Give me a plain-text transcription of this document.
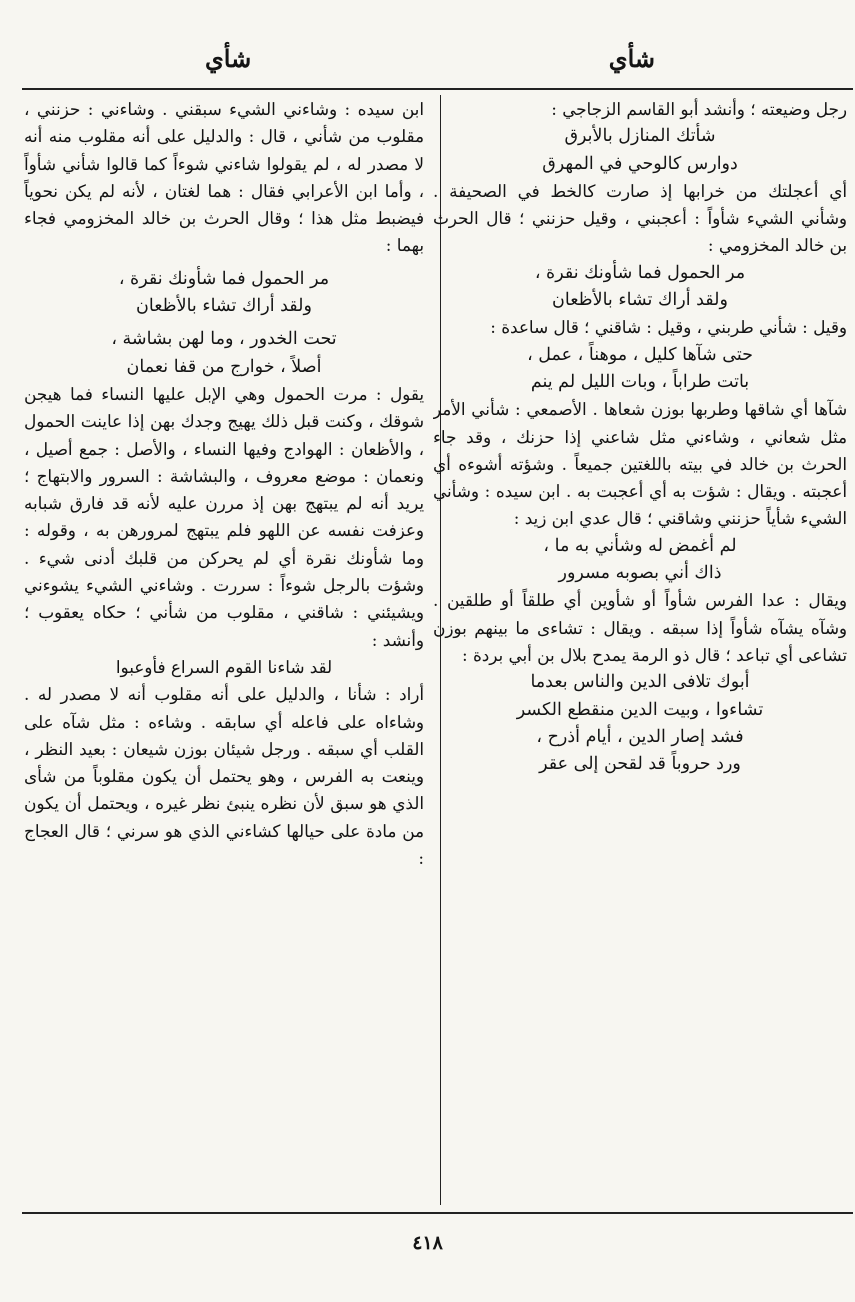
شأي
شأي

رجل وضيعته ؛ وأنشد أبو القاسم الزجاجي :

شأتك المنازل بالأبرق

دوارس كالوحي في المهرق

أي أعجلتك من خرابها إذ صارت كالخط في الصحيفة . وشأني الشيء شأواً : أعجبني ، وقيل حزنني ؛ قال الحرث بن خالد المخزومي :

مر الحمول فما شأونك نقرة ،

ولقد أراك تشاء بالأظعان

وقيل : شأني طربني ، وقيل : شاقني ؛ قال ساعدة :

حتى شآها كليل ، موهناً ، عمل ،

باتت طراباً ، وبات الليل لم ينم

شآها أي شاقها وطربها بوزن شعاها . الأصمعي : شأني الأمر مثل شعاني ، وشاءني مثل شاعني إذا حزنك ، وقد جاء الحرث بن خالد في بيته باللغتين جميعاً . وشؤته أشوءه أي أعجبته . ويقال : شؤت به أي أعجبت به . ابن سيده : وشأني الشيء شأياً حزنني وشاقني ؛ قال عدي ابن زيد :

لم أغمض له وشأني به ما ،

ذاك أني بصوبه مسرور

ويقال : عدا الفرس شأواً أو شأوين أي طلقاً أو طلقين . وشآه يشآه شأواً إذا سبقه . ويقال : تشاءى ما بينهم بوزن تشاعى أي تباعد ؛ قال ذو الرمة يمدح بلال بن أبي بردة :

أبوك تلافى الدين والناس بعدما

تشاءوا ، وبيت الدين منقطع الكسر

فشد إصار الدين ، أيام أذرح ،

ورد حروباً قد لقحن إلى عقر

ابن سيده : وشاءني الشيء سبقني . وشاءني : حزنني ، مقلوب من شأني ، قال : والدليل على أنه مقلوب منه أنه لا مصدر له ، لم يقولوا شاءني شوءاً كما قالوا شأني شأواً ، وأما ابن الأعرابي فقال : هما لغتان ، لأنه لم يكن نحوياً فيضبط مثل هذا ؛ وقال الحرث بن خالد المخزومي فجاء بهما :

مر الحمول فما شأونك نقرة ،

ولقد أراك تشاء بالأظعان

تحت الخدور ، وما لهن بشاشة ،

أصلاً ، خوارج من قفا نعمان

يقول : مرت الحمول وهي الإبل عليها النساء فما هيجن شوقك ، وكنت قبل ذلك يهيج وجدك بهن إذا عاينت الحمول ، والأظعان : الهوادج وفيها النساء ، والأصل : جمع أصيل ، ونعمان : موضع معروف ، والبشاشة : السرور والابتهاج ؛ يريد أنه لم يبتهج بهن إذ مررن عليه لأنه قد فارق شبابه وعزفت نفسه عن اللهو فلم يبتهج لمرورهن به ، وقوله : وما شأونك نقرة أي لم يحركن من قلبك أدنى شيء . وشؤت بالرجل شوءاً : سررت . وشاءني الشيء يشوءني ويشيئني : شاقني ، مقلوب من شأني ؛ حكاه يعقوب ؛ وأنشد :

لقد شاءنا القوم السراع فأوعبوا

أراد : شأنا ، والدليل على أنه مقلوب أنه لا مصدر له . وشاءاه على فاعله أي سابقه . وشاءه : مثل شآه على القلب أي سبقه . ورجل شيئان بوزن شيعان : بعيد النظر ، وينعت به الفرس ، وهو يحتمل أن يكون مقلوباً من شأى الذي هو سبق لأن نظره ينبئ نظر غيره ، ويحتمل أن يكون من مادة على حيالها كشاءني الذي هو سرني ؛ قال العجاج :

٤١٨
